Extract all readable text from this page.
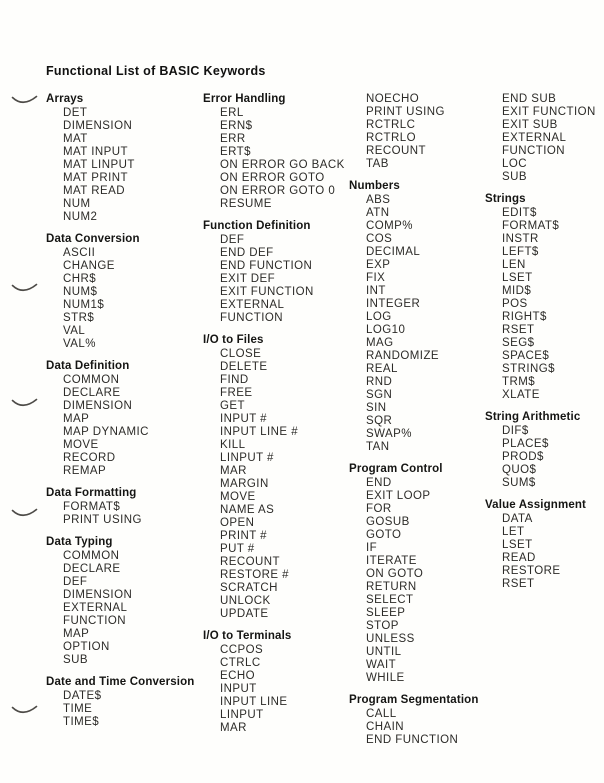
Functional List of BASIC Keywords
Arrays
DET
DIMENSION
MAT
MAT INPUT
MAT LINPUT
MAT PRINT
MAT READ
NUM
NUM2
Data Conversion
ASCII
CHANGE
CHR$
NUM$
NUM1$
STR$
VAL
VAL%
Data Definition
COMMON
DECLARE
DIMENSION
MAP
MAP DYNAMIC
MOVE
RECORD
REMAP
Data Formatting
FORMAT$
PRINT USING
Data Typing
COMMON
DECLARE
DEF
DIMENSION
EXTERNAL
FUNCTION
MAP
OPTION
SUB
Date and Time Conversion
DATE$
TIME
TIME$
Error Handling
ERL
ERN$
ERR
ERT$
ON ERROR GO BACK
ON ERROR GOTO
ON ERROR GOTO 0
RESUME
Function Definition
DEF
END DEF
END FUNCTION
EXIT DEF
EXIT FUNCTION
EXTERNAL
FUNCTION
I/O to Files
CLOSE
DELETE
FIND
FREE
GET
INPUT #
INPUT LINE #
KILL
LINPUT #
MAR
MARGIN
MOVE
NAME AS
OPEN
PRINT #
PUT #
RECOUNT
RESTORE #
SCRATCH
UNLOCK
UPDATE
I/O to Terminals
CCPOS
CTRLC
ECHO
INPUT
INPUT LINE
LINPUT
MAR
NOECHO
PRINT USING
RCTRLC
RCTRLO
RECOUNT
TAB
Numbers
ABS
ATN
COMP%
COS
DECIMAL
EXP
FIX
INT
INTEGER
LOG
LOG10
MAG
RANDOMIZE
REAL
RND
SGN
SIN
SQR
SWAP%
TAN
Program Control
END
EXIT LOOP
FOR
GOSUB
GOTO
IF
ITERATE
ON GOTO
RETURN
SELECT
SLEEP
STOP
UNLESS
UNTIL
WAIT
WHILE
Program Segmentation
CALL
CHAIN
END FUNCTION
END SUB
EXIT FUNCTION
EXIT SUB
EXTERNAL
FUNCTION
LOC
SUB
Strings
EDIT$
FORMAT$
INSTR
LEFT$
LEN
LSET
MID$
POS
RIGHT$
RSET
SEG$
SPACE$
STRING$
TRM$
XLATE
String Arithmetic
DIF$
PLACE$
PROD$
QUO$
SUM$
Value Assignment
DATA
LET
LSET
READ
RESTORE
RSET
